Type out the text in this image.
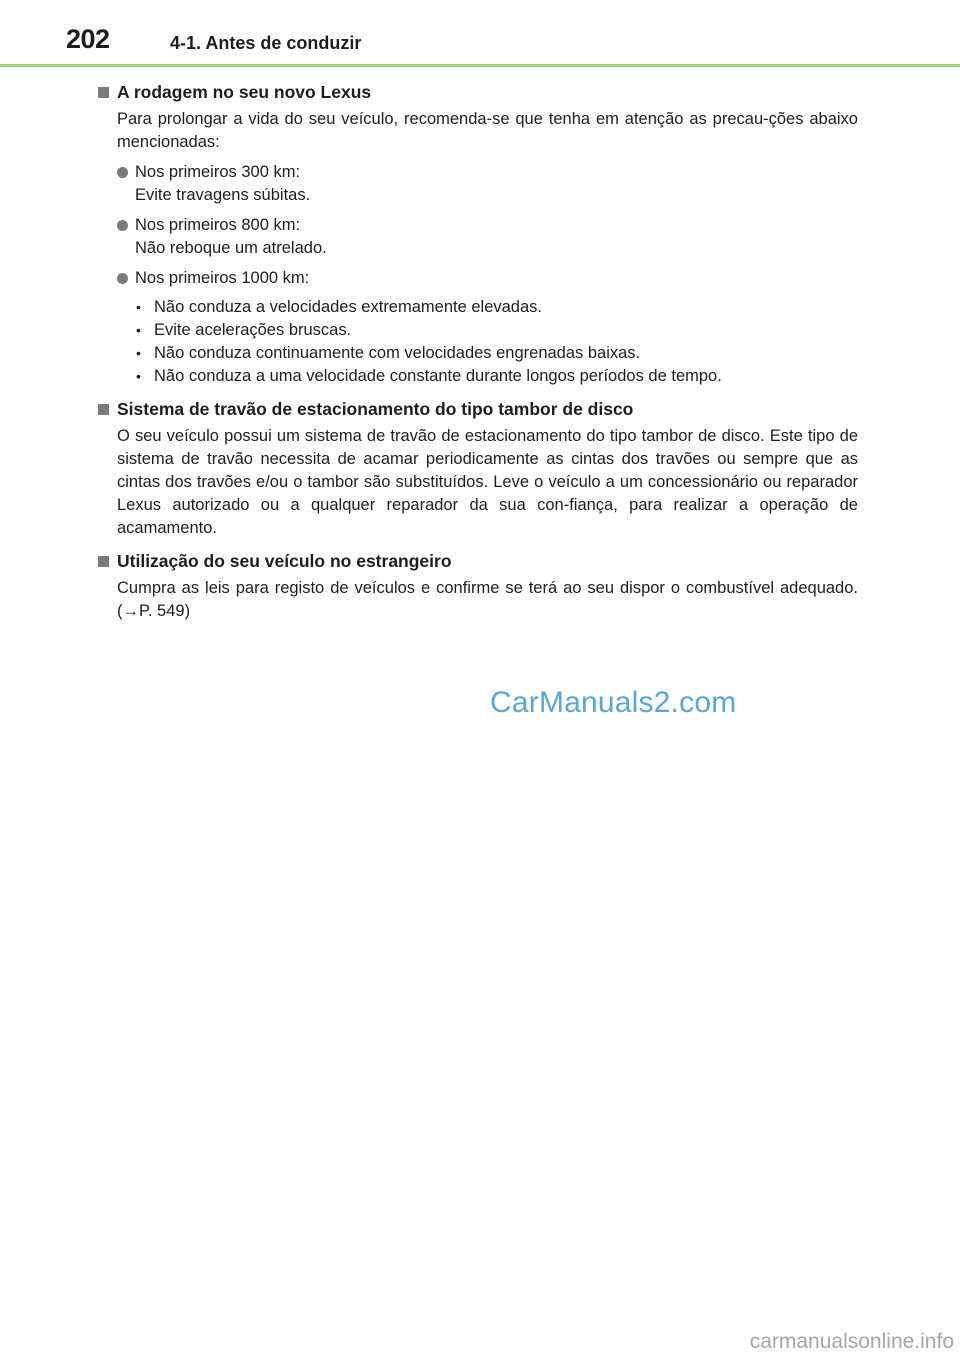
202	4-1. Antes de conduzir
A rodagem no seu novo Lexus
Para prolongar a vida do seu veículo, recomenda-se que tenha em atenção as precau-ções abaixo mencionadas:
Nos primeiros 300 km:
Evite travagens súbitas.
Nos primeiros 800 km:
Não reboque um atrelado.
Nos primeiros 1000 km:
• Não conduza a velocidades extremamente elevadas.
• Evite acelerações bruscas.
• Não conduza continuamente com velocidades engrenadas baixas.
• Não conduza a uma velocidade constante durante longos períodos de tempo.
Sistema de travão de estacionamento do tipo tambor de disco
O seu veículo possui um sistema de travão de estacionamento do tipo tambor de disco. Este tipo de sistema de travão necessita de acamar periodicamente as cintas dos travões ou sempre que as cintas dos travões e/ou o tambor são substituídos. Leve o veículo a um concessionário ou reparador Lexus autorizado ou a qualquer reparador da sua con-fiança, para realizar a operação de acamamento.
Utilização do seu veículo no estrangeiro
Cumpra as leis para registo de veículos e confirme se terá ao seu dispor o combustível adequado. (→P. 549)
CarManuals2.com
carmanualsonline.info
